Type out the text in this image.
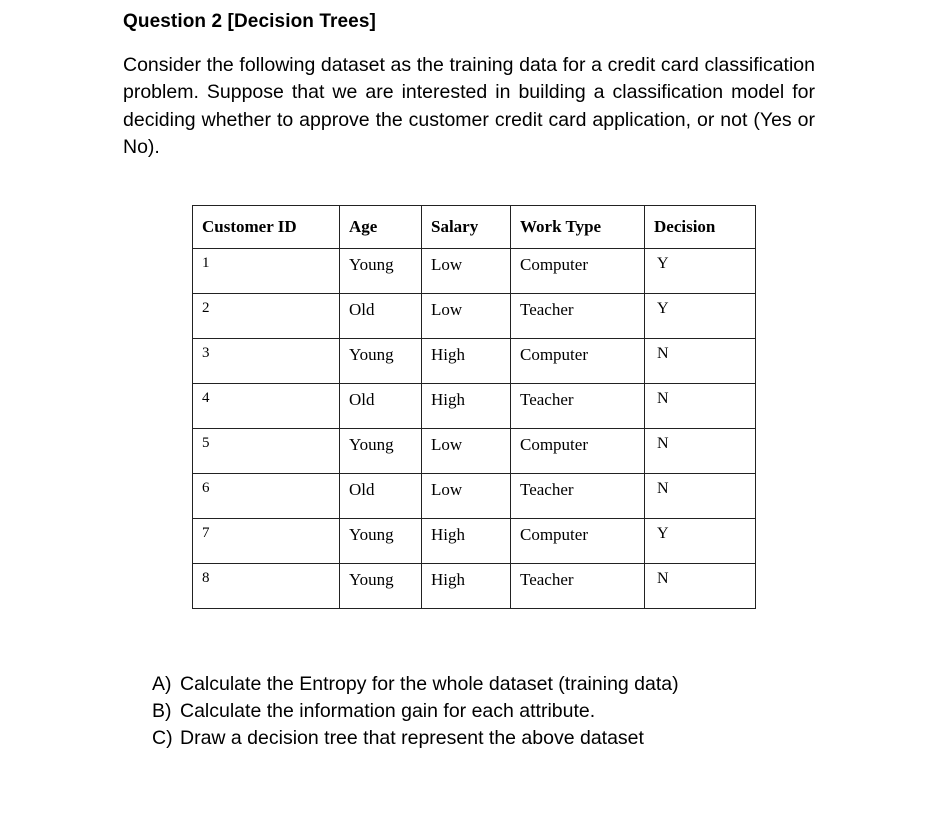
Question 2 [Decision Trees]

Consider the following dataset as the training data for a credit card classification problem. Suppose that we are interested in building a classification model for deciding whether to approve the customer credit card application, or not (Yes or No).

Customer ID	Age	Salary	Work Type	Decision
1	Young	Low	Computer	Y
2	Old	Low	Teacher	Y
3	Young	High	Computer	N
4	Old	High	Teacher	N
5	Young	Low	Computer	N
6	Old	Low	Teacher	N
7	Young	High	Computer	Y
8	Young	High	Teacher	N
A) Calculate the Entropy for the whole dataset (training data)
B) Calculate the information gain for each attribute.
C) Draw a decision tree that represent the above dataset
